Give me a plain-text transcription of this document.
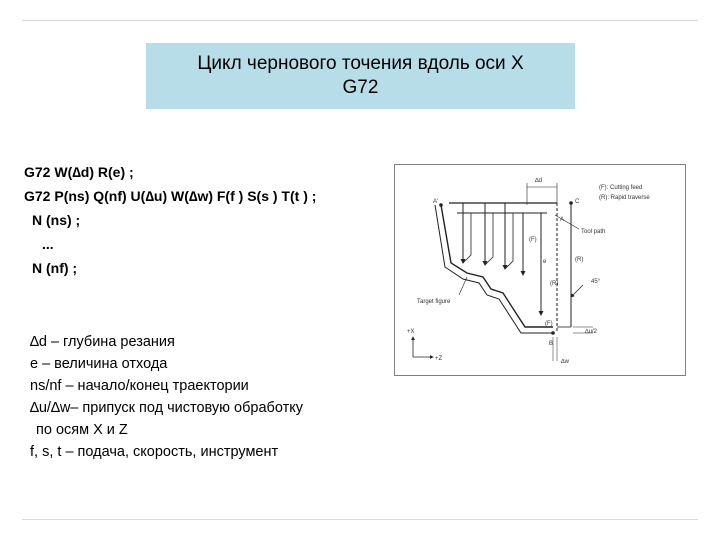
Цикл чернового точения вдоль оси X
G72
G72 W(∆d) R(e) ;
G72 P(ns) Q(nf) U(∆u) W(∆w) F(f ) S(s ) T(t ) ;
N (ns) ;
...
N (nf) ;
∆d – глубина резания
е – величина отхода
ns/nf – начало/конец траектории
∆u/∆w– припуск под чистовую обработку
по осям X и Z
f, s, t – подача, скорость, инструмент
∆d
A'
A
C
(F)
e	(R)
(R)
(F)
B
45°
(F): Cutting feed
(R): Rapid traverse
Tool path
Target figure
+X
+Z
∆u/2
∆w
